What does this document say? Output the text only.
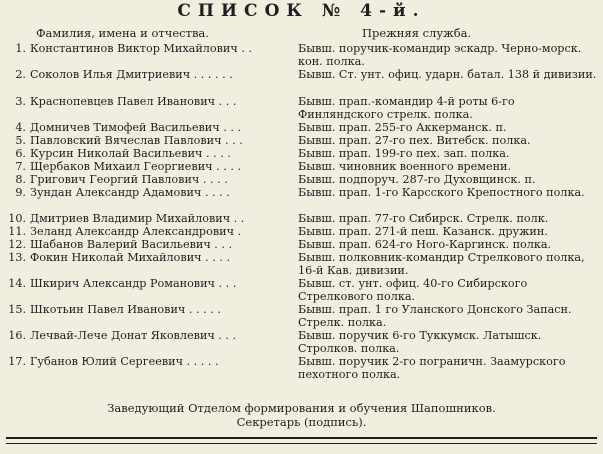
СПИСОК № 4-й.
Фамилия, имена и отчества.	Прежняя служба.
1. Константинов Виктор Михайлович . .	Бывш. поручик-командир эскадр. Черно-морск. кон. полка.
2. Соколов Илья Дмитриевич . . . . . .	Бывш. Ст. унт. офиц. ударн. батал. 138 й дивизии.
3. Краснопевцев Павел Иванович . . .	Бывш. прап.-командир 4-й роты 6-го Финляндского стрелк. полка.
4. Домничев Тимофей Васильевич . . .	Бывш. прап. 255-го Аккерманск. п.
5. Павловский Вячеслав Павлович . . .	Бывш. прап. 27-го пех. Витебск. полка.
6. Курсин Николай Васильевич . . . .	Бывш. прап. 199-го пех. зап. полка.
7. Щербаков Михаил Георгиевич . . . .	Бывш. чиновник военного времени.
8. Григович Георгий Павлович . . . .	Бывш. подпоруч. 287-го Духовщинск. п.
9. Зундан Александр Адамович . . . .	Бывш. прап. 1-го Карсского Крепостного полка.
10. Дмитриев Владимир Михайлович . .	Бывш. прап. 77-го Сибирск. Стрелк. полк.
11. Зеланд Александр Александрович .	Бывш. прап. 271-й пеш. Казанск. дружин.
12. Шабанов Валерий Васильевич . . .	Бывш. прап. 624-го Ного-Каргинск. полка.
13. Фокин Николай Михайлович . . . .	Бывш. полковник-командир Стрелкового полка, 16-й Кав. дивизии.
14. Шкирич Александр Романович . . .	Бывш. ст. унт. офиц. 40-го Сибирского Стрелкового полка.
15. Шкотьин Павел Иванович . . . . .	Бывш. прап. 1 го Уланского Донского Запасн. Стрелк. полка.
16. Лечвай-Лече Донат Яковлевич . . .	Бывш. поручик 6-го Туккумск. Латышск. Стролков. полка.
17. Губанов Юлий Сергеевич . . . . .	Бывш. поручик 2-го пограничн. Заамурского пехотного полка.
Заведующий Отделом формирования и обучения Шапошников.
Секретарь (подпись).
